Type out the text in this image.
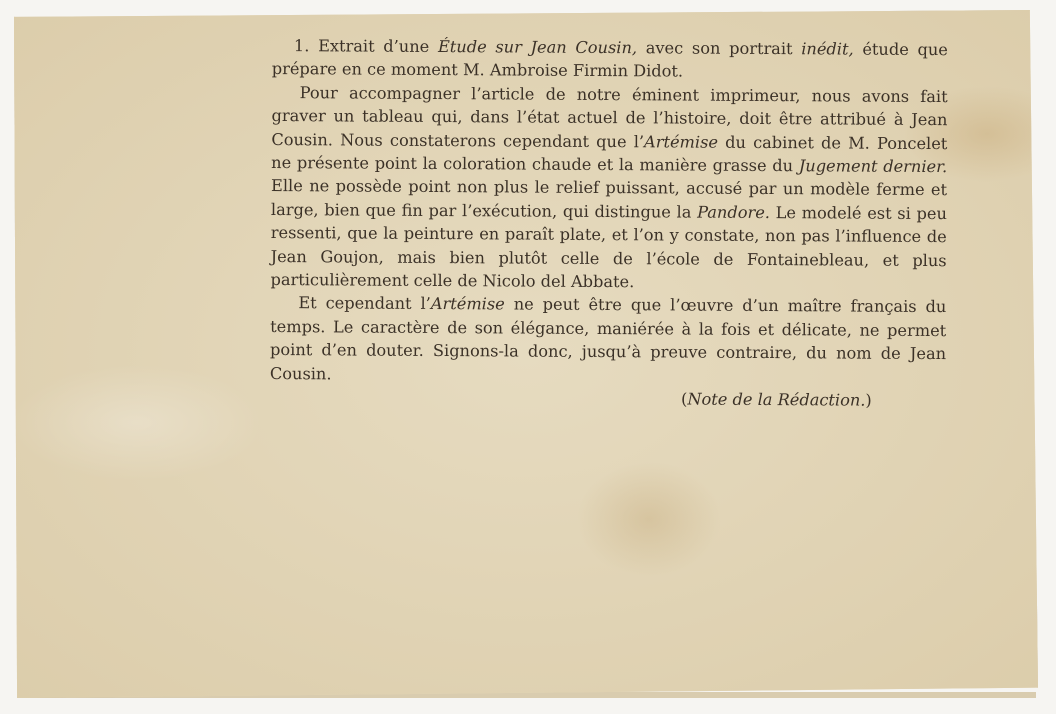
1. Extrait d’une Étude sur Jean Cousin, avec son portrait inédit, étude que prépare en ce moment M. Ambroise Firmin Didot.

Pour accompagner l’article de notre éminent imprimeur, nous avons fait graver un tableau qui, dans l’état actuel de l’histoire, doit être attribué à Jean Cousin. Nous constaterons cependant que l’Artémise du cabinet de M. Poncelet ne présente point la coloration chaude et la manière grasse du Jugement dernier. Elle ne possède point non plus le relief puissant, accusé par un modèle ferme et large, bien que fin par l’exécution, qui distingue la Pandore. Le modelé est si peu ressenti, que la peinture en paraît plate, et l’on y constate, non pas l’influence de Jean Goujon, mais bien plutôt celle de l’école de Fontainebleau, et plus particulièrement celle de Nicolo del Abbate.

Et cependant l’Artémise ne peut être que l’œuvre d’un maître français du temps. Le caractère de son élégance, maniérée à la fois et délicate, ne permet point d’en douter. Signons-la donc, jusqu’à preuve contraire, du nom de Jean Cousin.

(Note de la Rédaction.)
